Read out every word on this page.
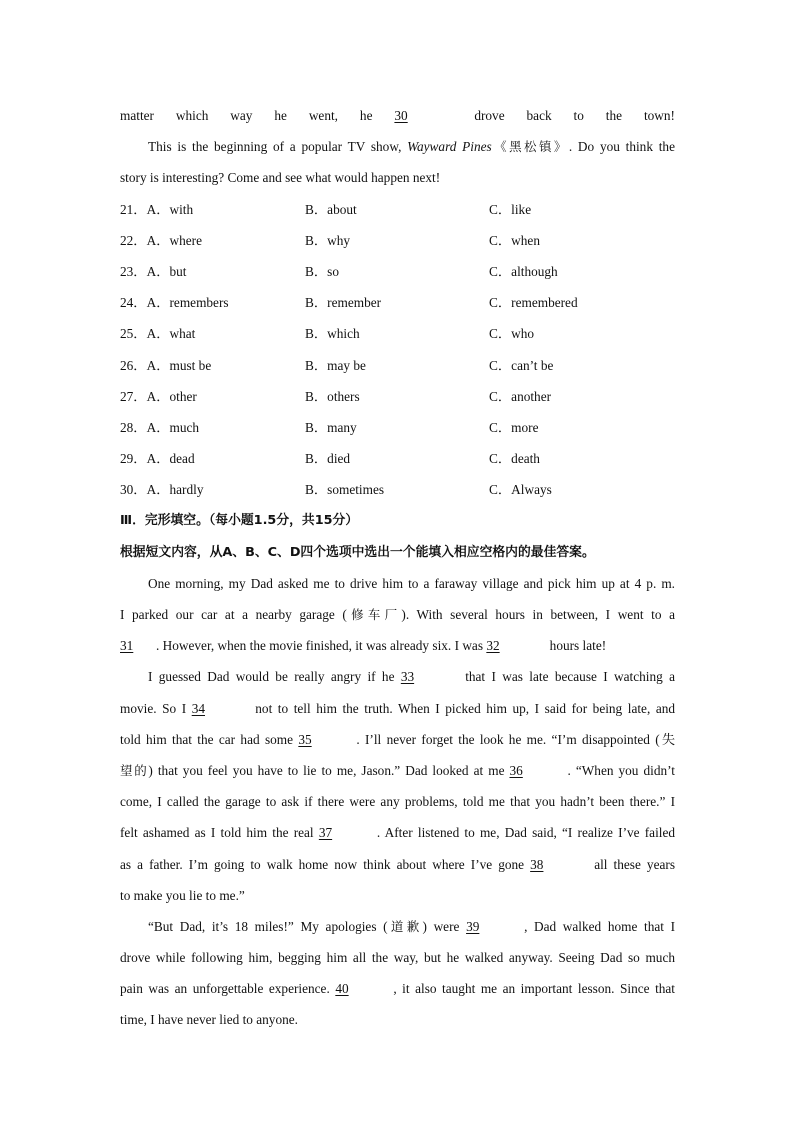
matter which way he went, he 30	drove back to the town!
This is the beginning of a popular TV show, Wayward Pines《黑松镇》. Do you think the
story is interesting? Come and see what would happen next!
21．A．with	B．about	C．like
22．A．where	B．why	C．when
23．A．but	B．so	C．although
24．A．remembers	B．remember	C．remembered
25．A．what	B．which	C．who
26．A．must be	B．may be	C．can’t be
27．A．other	B．others	C．another
28．A．much	B．many	C．more
29．A．dead	B．died	C．death
30．A．hardly	B．sometimes	C．Always
Ⅲ．完形填空。（每小题1.5分，共15分）
根据短文内容，从A、B、C、D四个选项中选出一个能填入相应空格内的最佳答案。
One morning, my Dad asked me to drive him to a faraway village and pick him up at 4 p. m.
I parked our car at a nearby garage (修车厂). With several hours in between, I went to a
31 . However, when the movie finished, it was already six. I was 32	hours late!
I guessed Dad would be really angry if he 33	that I was late because I watching a
movie. So I 34	not to tell him the truth. When I picked him up, I said for being late, and
told him that the car had some 35	. I’ll never forget the look he me. “I’m disappointed (失
望的) that you feel you have to lie to me, Jason.” Dad looked at me 36	. “When you didn’t
come, I called the garage to ask if there were any problems, told me that you hadn’t been there.” I
felt ashamed as I told him the real 37	. After listened to me, Dad said, “I realize I’ve failed
as a father. I’m going to walk home now think about where I’ve gone 38	all these years
to make you lie to me.”
“But Dad, it’s 18 miles!” My apologies (道歉) were 39	, Dad walked home that I
drove while following him, begging him all the way, but he walked anyway. Seeing Dad so much
pain was an unforgettable experience. 40	, it also taught me an important lesson. Since that
time, I have never lied to anyone.
